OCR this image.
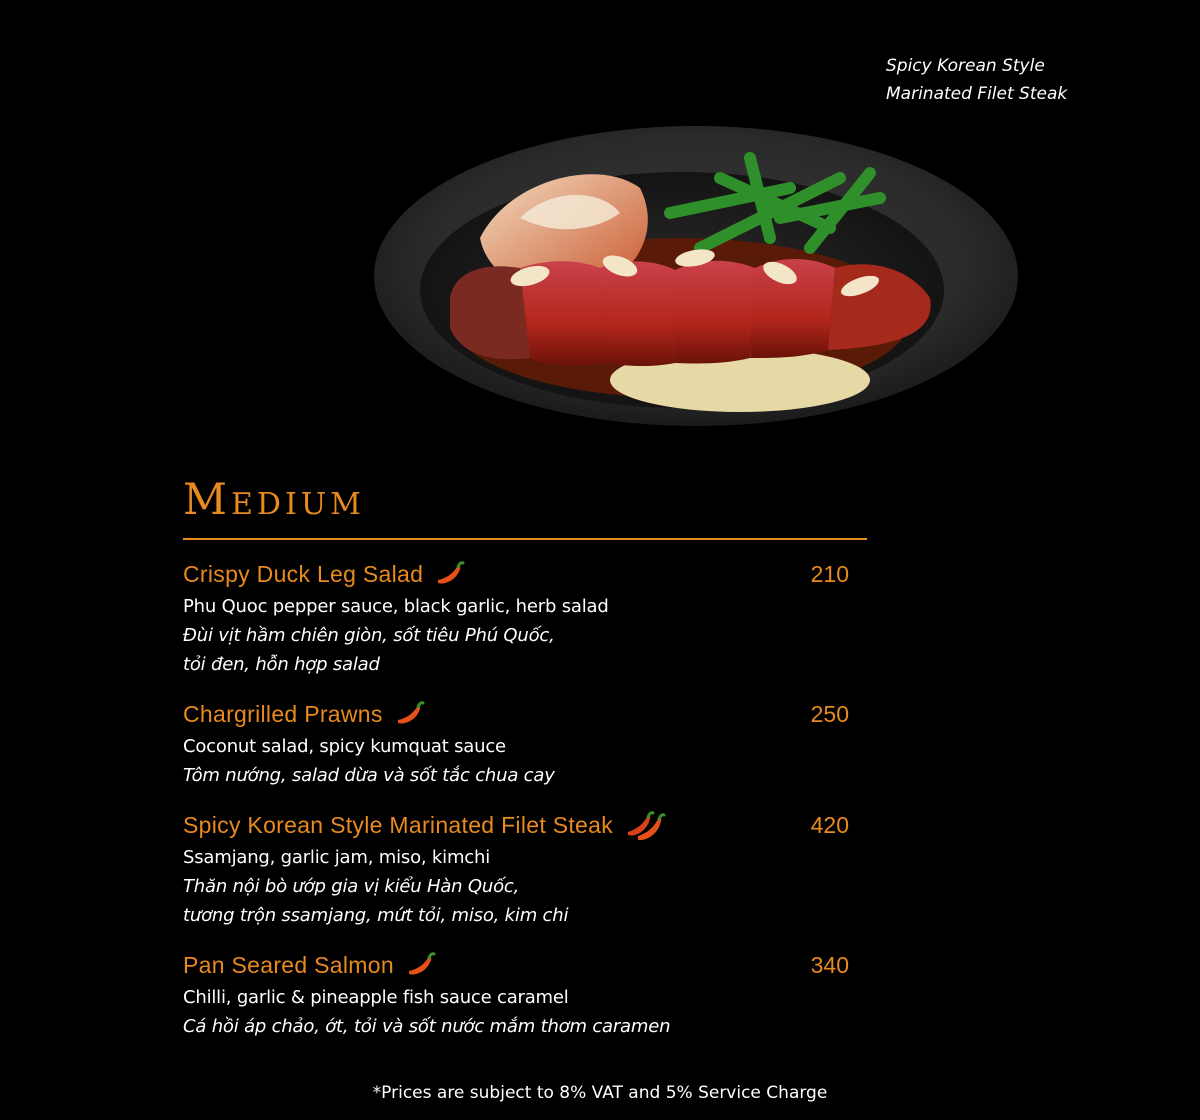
Spicy Korean Style
Marinated Filet Steak
Medium
Crispy Duck Leg Salad	210
Phu Quoc pepper sauce, black garlic, herb salad
Đùi vịt hầm chiên giòn, sốt tiêu Phú Quốc,
tỏi đen, hỗn hợp salad
Chargrilled Prawns	250
Coconut salad, spicy kumquat sauce
Tôm nướng, salad dừa và sốt tắc chua cay
Spicy Korean Style Marinated Filet Steak	420
Ssamjang, garlic jam, miso, kimchi
Thăn nội bò ướp gia vị kiểu Hàn Quốc,
tương trộn ssamjang, mứt tỏi, miso, kim chi
Pan Seared Salmon	340
Chilli, garlic & pineapple fish sauce caramel
Cá hồi áp chảo, ớt, tỏi và sốt nước mắm thơm caramen
*Prices are subject to 8% VAT and 5% Service Charge
